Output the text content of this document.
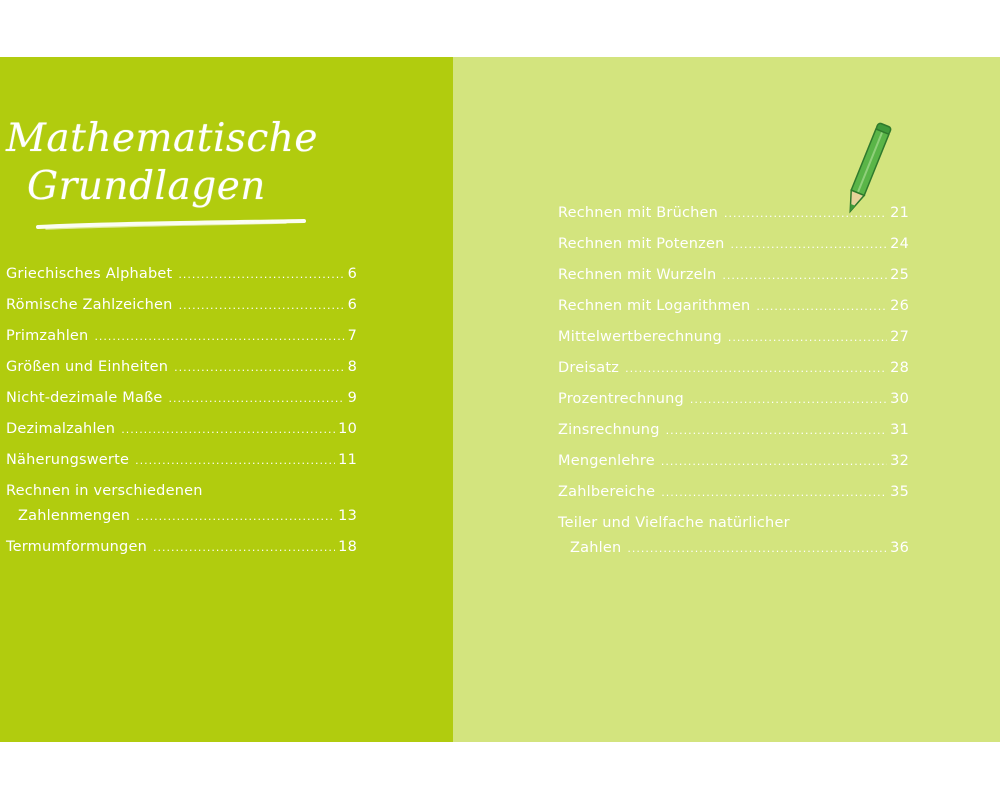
Mathematische
Grundlagen
Griechisches Alphabet .....	6
Römische Zahlzeichen .....	6
Primzahlen .....	7
Größen und Einheiten .....	8
Nicht-dezimale Maße .....	9
Dezimalzahlen .....	10
Näherungswerte .....	11
Rechnen in verschiedenen
Zahlenmengen .....	13
Termumformungen .....	18
Rechnen mit Brüchen .....	21
Rechnen mit Potenzen .....	24
Rechnen mit Wurzeln .....	25
Rechnen mit Logarithmen .....	26
Mittelwertberechnung .....	27
Dreisatz .....	28
Prozentrechnung .....	30
Zinsrechnung .....	31
Mengenlehre .....	32
Zahlbereiche .....	35
Teiler und Vielfache natürlicher
Zahlen .....	36
